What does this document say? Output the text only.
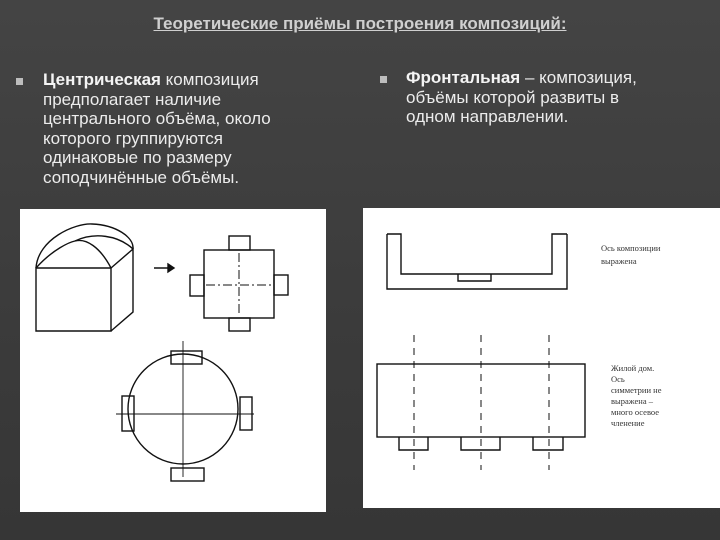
Теоретические приёмы построения композиций:
Центрическая композиция
предполагает наличие
центрального объёма, около
которого группируются
одинаковые по размеру
соподчинённые объёмы.
Фронтальная – композиция,
объёмы которой развиты в
одном направлении.
Ось композиции
выражена
Жилой дом.
Ось
симметрии не
выражена –
много осевое
членение
